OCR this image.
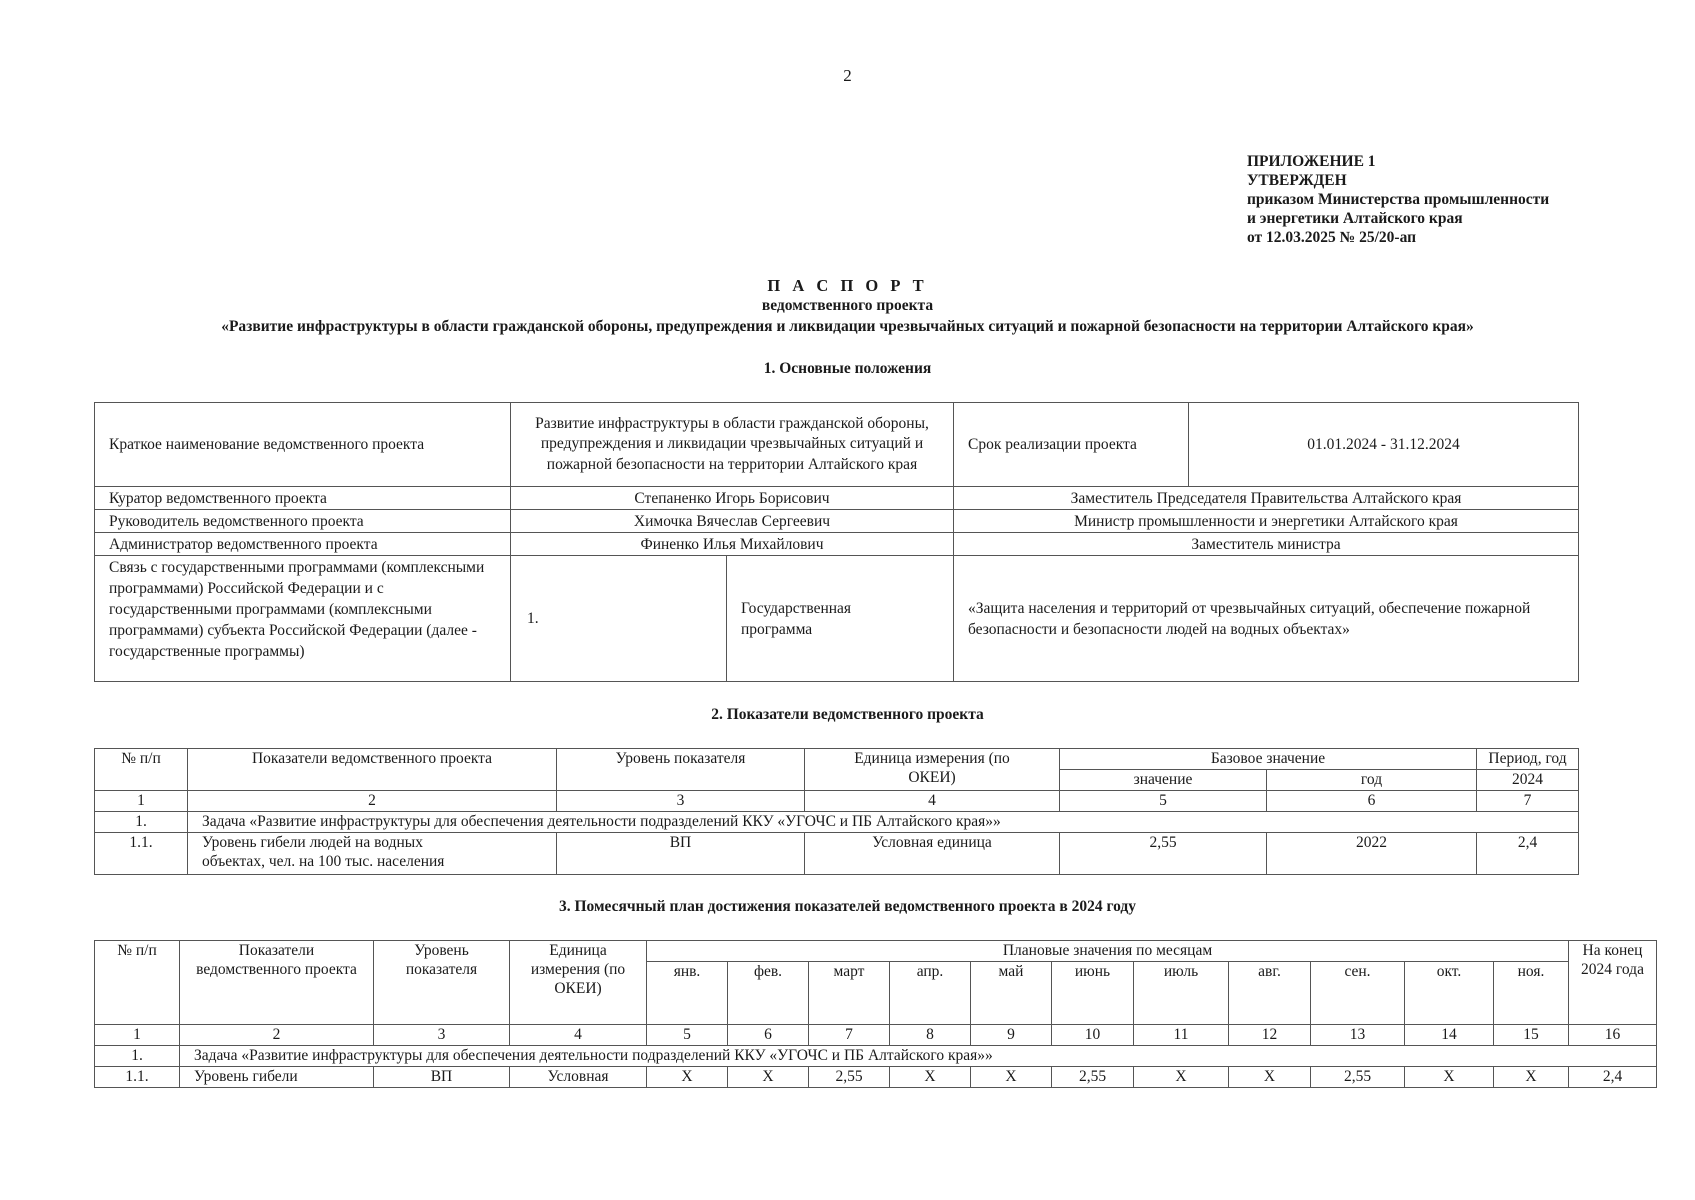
2
ПРИЛОЖЕНИЕ 1
УТВЕРЖДЕН
приказом Министерства промышленности
и энергетики Алтайского края
от 12.03.2025 № 25/20-ап
П А С П О Р Т
ведомственного проекта
«Развитие инфраструктуры в области гражданской обороны, предупреждения и ликвидации чрезвычайных ситуаций и пожарной безопасности на территории Алтайского края»
1. Основные положения
Краткое наименование ведомственного проекта	Развитие инфраструктуры в области гражданской обороны, предупреждения и ликвидации чрезвычайных ситуаций и пожарной безопасности на территории Алтайского края		Срок реализации проекта	01.01.2024 - 31.12.2024
Куратор ведомственного проекта	Степаненко Игорь Борисович		Заместитель Председателя Правительства Алтайского края	
Руководитель ведомственного проекта	Химочка Вячеслав Сергеевич		Министр промышленности и энергетики Алтайского края	
Администратор ведомственного проекта	Финенко Илья Михайлович		Заместитель министра	
Связь с государственными программами (комплексными программами) Российской Федерации и с государственными программами (комплексными программами) субъекта Российской Федерации (далее - государственные программы)	1.	Государственная программа	«Защита населения и территорий от чрезвычайных ситуаций, обеспечение пожарной безопасности и безопасности людей на водных объектах»	
2. Показатели ведомственного проекта
№ п/п	Показатели ведомственного проекта	Уровень показателя	Единица измерения (по ОКЕИ)	Базовое значение		Период, год
				значение	год	2024
1	2	3	4	5	6	7
1.	Задача «Развитие инфраструктуры для обеспечения деятельности подразделений ККУ «УГОЧС и ПБ Алтайского края»»					
1.1.	Уровень гибели людей на водных объектах, чел. на 100 тыс. населения	ВП	Условная единица	2,55	2022	2,4
3. Помесячный план достижения показателей ведомственного проекта в 2024 году
№ п/п	Показатели ведомственного проекта	Уровень показателя	Единица измерения (по ОКЕИ)	Плановые значения по месяцам											На конец 2024 года
				янв.	фев.	март	апр.	май	июнь	июль	авг.	сен.	окт.	ноя.	
1	2	3	4	5	6	7	8	9	10	11	12	13	14	15	16
1.	Задача «Развитие инфраструктуры для обеспечения деятельности подразделений ККУ «УГОЧС и ПБ Алтайского края»»														
1.1.	Уровень гибели	ВП	Условная	X	X	2,55	X	X	2,55	X	X	2,55	X	X	2,4
